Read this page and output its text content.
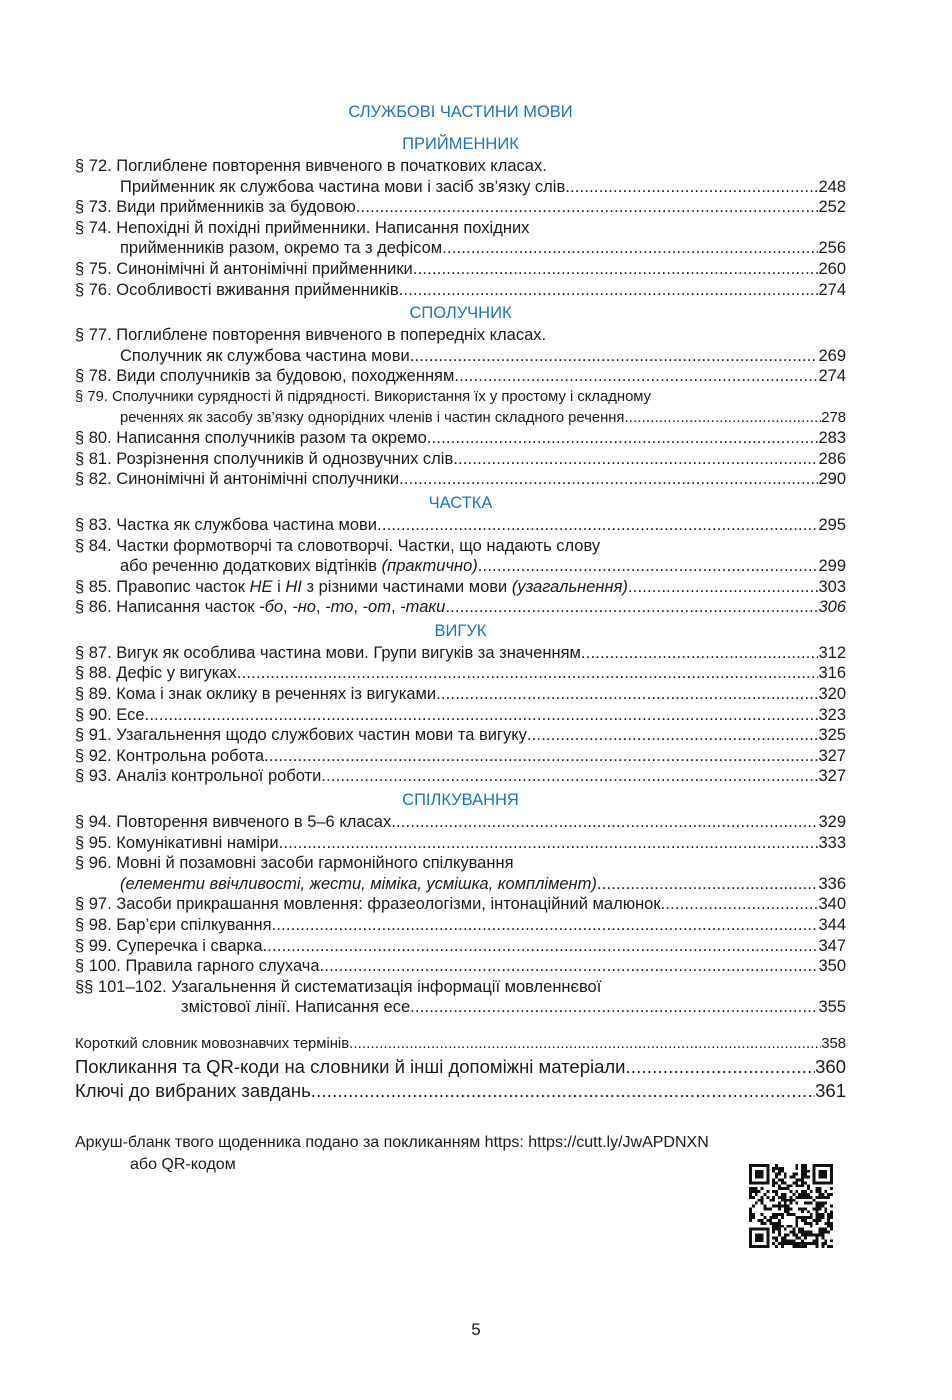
СЛУЖБОВІ ЧАСТИНИ МОВИ
ПРИЙМЕННИК
§ 72. Поглиблене повторення вивченого в початкових класах.
Прийменник як службова частина мови і засіб зв’язку слів .....	248
§ 73. Види прийменників за будовою .....	252
§ 74. Непохідні й похідні прийменники. Написання похідних
прийменників разом, окремо та з дефісом .....	256
§ 75. Синонімічні й антонімічні прийменники .....	260
§ 76. Особливості вживання прийменників .....	274
СПОЛУЧНИК
§ 77. Поглиблене повторення вивченого в попередніх класах.
Сполучник як службова частина мови .....	269
§ 78. Види сполучників за будовою, походженням .....	274
§ 79. Сполучники сурядності й підрядності. Використання їх у простому і складному
реченнях як засобу зв’язку однорідних членів і частин складного речення .....	278
§ 80. Написання сполучників разом та окремо .....	283
§ 81. Розрізнення сполучників й однозвучних слів .....	286
§ 82. Синонімічні й антонімічні сполучники .....	290
ЧАСТКА
§ 83. Частка як службова частина мови .....	295
§ 84. Частки формотворчі та словотворчі. Частки, що надають слову
або реченню додаткових відтінків (практично) .....	299
§ 85. Правопис часток НЕ і НІ з різними частинами мови (узагальнення) .....	303
§ 86. Написання часток -бо, -но, -то, -от, -таки .....	306
ВИГУК
§ 87. Вигук як особлива частина мови. Групи вигуків за значенням .....	312
§ 88. Дефіс у вигуках .....	316
§ 89. Кома і знак оклику в реченнях із вигуками .....	320
§ 90. Есе .....	323
§ 91. Узагальнення щодо службових частин мови та вигуку .....	325
§ 92. Контрольна робота .....	327
§ 93. Аналіз контрольної роботи .....	327
СПІЛКУВАННЯ
§ 94. Повторення вивченого в 5–6 класах .....	329
§ 95. Комунікативні наміри .....	333
§ 96. Мовні й позамовні засоби гармонійного спілкування
(елементи ввічливості, жести, міміка, усмішка, комплімент) .....	336
§ 97. Засоби прикрашання мовлення: фразеологізми, інтонаційний малюнок .....	340
§ 98. Бар’єри спілкування .....	344
§ 99. Суперечка і сварка .....	347
§ 100. Правила гарного слухача .....	350
§§ 101–102. Узагальнення й систематизація інформації мовленнєвої
змістової лінії. Написання есе .....	355
Короткий словник мовознавчих термінів .....	358
Покликання та QR-коди на словники й інші допоміжні матеріали .....	360
Ключі до вибраних завдань .....	361
Аркуш-бланк твого щоденника подано за покликанням https: https://cutt.ly/JwAPDNXN
або QR-кодом
5
